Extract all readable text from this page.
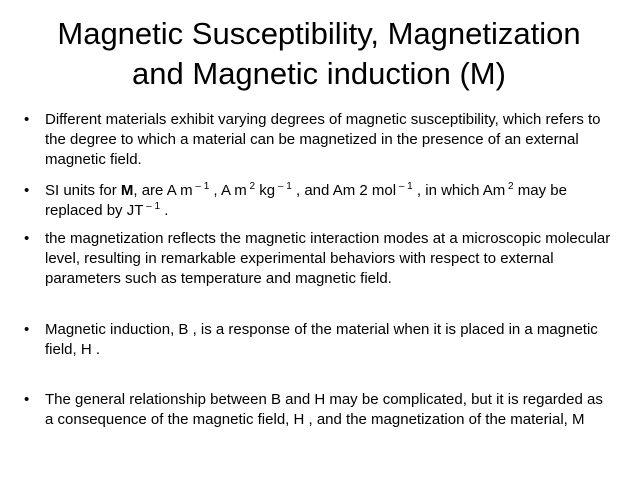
Magnetic Susceptibility, Magnetization
and Magnetic induction (M)
•	Different materials exhibit varying degrees of magnetic susceptibility, which refers to the degree to which a material can be magnetized in the presence of an external magnetic field.
•	SI units for M, are A m $^{- 1}$ , A m $^2$ kg $^{- 1}$ , and Am 2 mol $^{- 1}$ , in which Am $^2$ may be replaced by JT $^{- 1}$ .
•	the magnetization reflects the magnetic interaction modes at a microscopic molecular level, resulting in remarkable experimental behaviors with respect to external parameters such as temperature and magnetic field.
•	Magnetic induction, B , is a response of the material when it is placed in a magnetic field, H .
•	The general relationship between B and H may be complicated, but it is regarded as a consequence of the magnetic field, H , and the magnetization of the material, M
